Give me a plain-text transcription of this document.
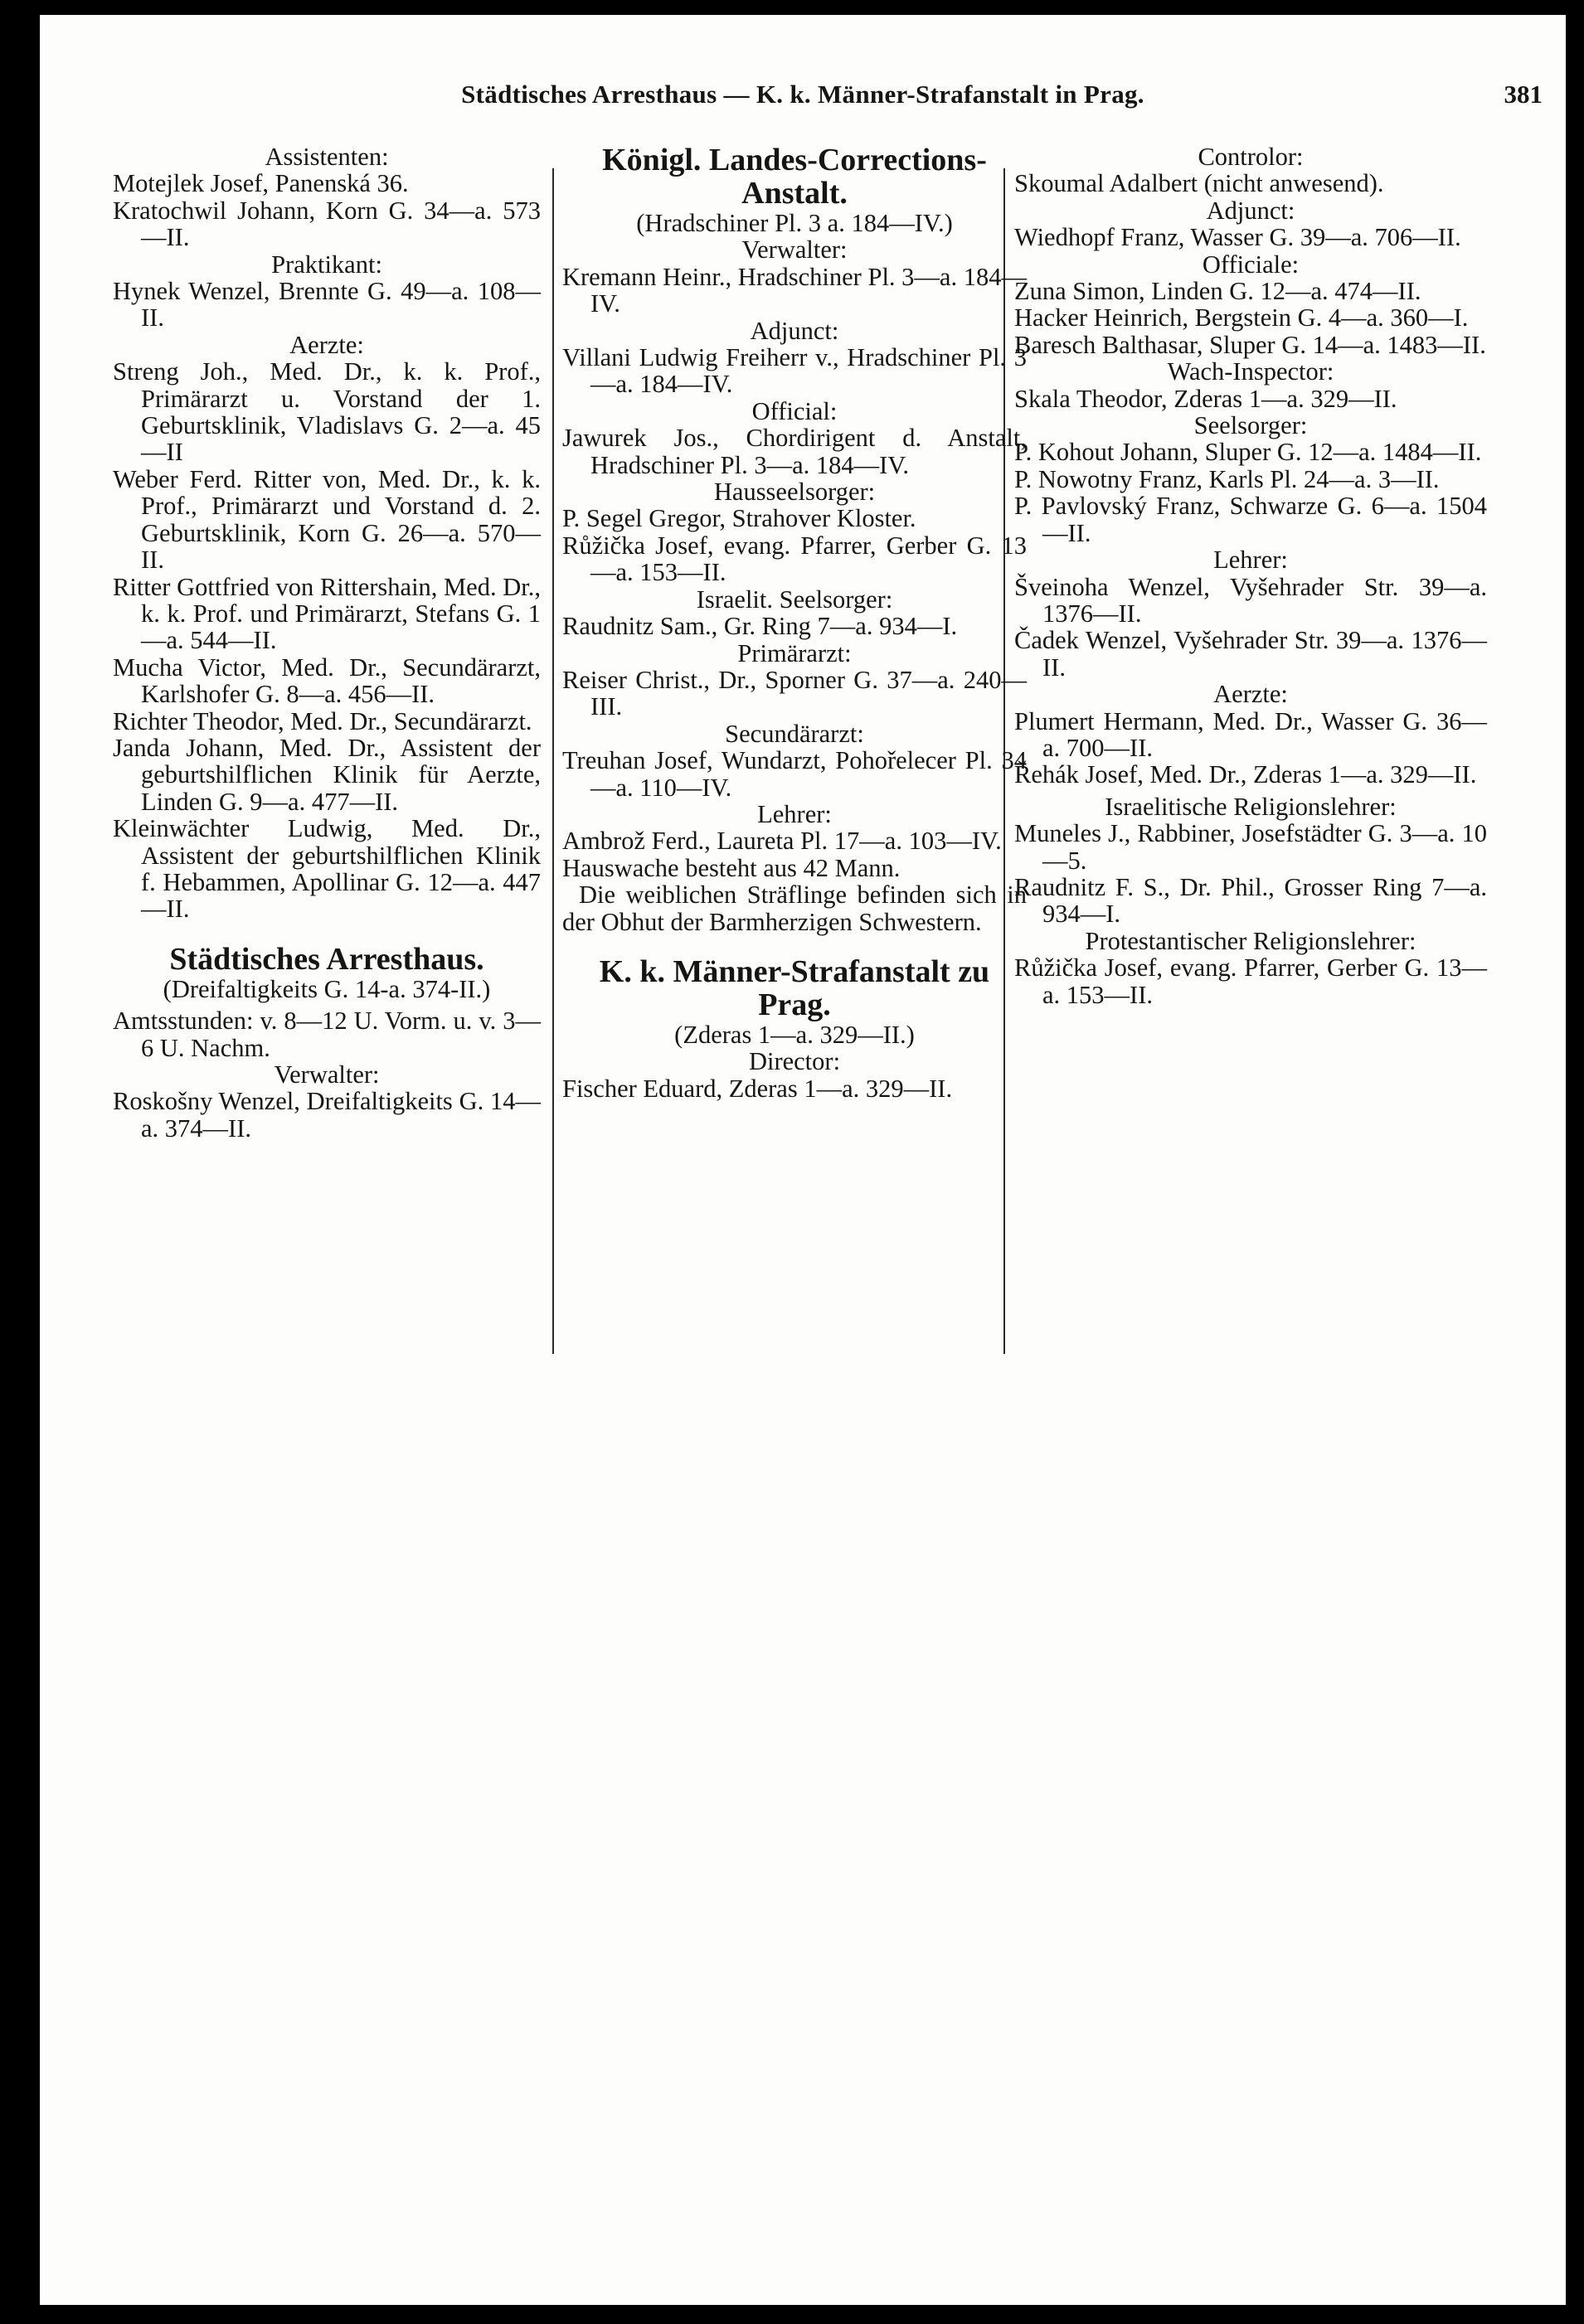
Städtisches Arresthaus — K. k. Männer-Strafanstalt in Prag.	381
Assistenten:
Motejlek Josef, Panenská 36.
Kratochwil Johann, Korn G. 34—a. 573—II.
Praktikant:
Hynek Wenzel, Brennte G. 49—a. 108—II.
Aerzte:
Streng Joh., Med. Dr., k. k. Prof., Primärarzt u. Vorstand der 1. Geburtsklinik, Vladislavs G. 2—a. 45—II
Weber Ferd. Ritter von, Med. Dr., k. k. Prof., Primärarzt und Vorstand d. 2. Geburtsklinik, Korn G. 26—a. 570—II.
Ritter Gottfried von Rittershain, Med. Dr., k. k. Prof. und Primärarzt, Stefans G. 1—a. 544—II.
Mucha Victor, Med. Dr., Secundärarzt, Karlshofer G. 8—a. 456—II.
Richter Theodor, Med. Dr., Secundärarzt.
Janda Johann, Med. Dr., Assistent der geburtshilflichen Klinik für Aerzte, Linden G. 9—a. 477—II.
Kleinwächter Ludwig, Med. Dr., Assistent der geburtshilflichen Klinik f. Hebammen, Apollinar G. 12—a. 447—II.
Städtisches Arresthaus.
(Dreifaltigkeits G. 14-a. 374-II.)
Amtsstunden: v. 8—12 U. Vorm. u. v. 3—6 U. Nachm.
Verwalter:
Roskošny Wenzel, Dreifaltigkeits G. 14—a. 374—II.
Königl. Landes-Corrections-Anstalt.
(Hradschiner Pl. 3 a. 184—IV.)
Verwalter:
Kremann Heinr., Hradschiner Pl. 3—a. 184—IV.
Adjunct:
Villani Ludwig Freiherr v., Hradschiner Pl. 3—a. 184—IV.
Official:
Jawurek Jos., Chordirigent d. Anstalt, Hradschiner Pl. 3—a. 184—IV.
Hausseelsorger:
P. Segel Gregor, Strahover Kloster.
Růžička Josef, evang. Pfarrer, Gerber G. 13—a. 153—II.
Israelit. Seelsorger:
Raudnitz Sam., Gr. Ring 7—a. 934—I.
Primärarzt:
Reiser Christ., Dr., Sporner G. 37—a. 240—III.
Secundärarzt:
Treuhan Josef, Wundarzt, Pohořelecer Pl. 34—a. 110—IV.
Lehrer:
Ambrož Ferd., Laureta Pl. 17—a. 103—IV.
Hauswache besteht aus 42 Mann.
Die weiblichen Sträflinge befinden sich in der Obhut der Barmherzigen Schwestern.
K. k. Männer-Strafanstalt zu Prag.
(Zderas 1—a. 329—II.)
Director:
Fischer Eduard, Zderas 1—a. 329—II.
Controlor:
Skoumal Adalbert (nicht anwesend).
Adjunct:
Wiedhopf Franz, Wasser G. 39—a. 706—II.
Officiale:
Zuna Simon, Linden G. 12—a. 474—II.
Hacker Heinrich, Bergstein G. 4—a. 360—I.
Baresch Balthasar, Sluper G. 14—a. 1483—II.
Wach-Inspector:
Skala Theodor, Zderas 1—a. 329—II.
Seelsorger:
P. Kohout Johann, Sluper G. 12—a. 1484—II.
P. Nowotny Franz, Karls Pl. 24—a. 3—II.
P. Pavlovský Franz, Schwarze G. 6—a. 1504—II.
Lehrer:
Šveinoha Wenzel, Vyšehrader Str. 39—a. 1376—II.
Čadek Wenzel, Vyšehrader Str. 39—a. 1376—II.
Aerzte:
Plumert Hermann, Med. Dr., Wasser G. 36—a. 700—II.
Řehák Josef, Med. Dr., Zderas 1—a. 329—II.
Israelitische Religionslehrer:
Muneles J., Rabbiner, Josefstädter G. 3—a. 10—5.
Raudnitz F. S., Dr. Phil., Grosser Ring 7—a. 934—I.
Protestantischer Religionslehrer:
Růžička Josef, evang. Pfarrer, Gerber G. 13—a. 153—II.
